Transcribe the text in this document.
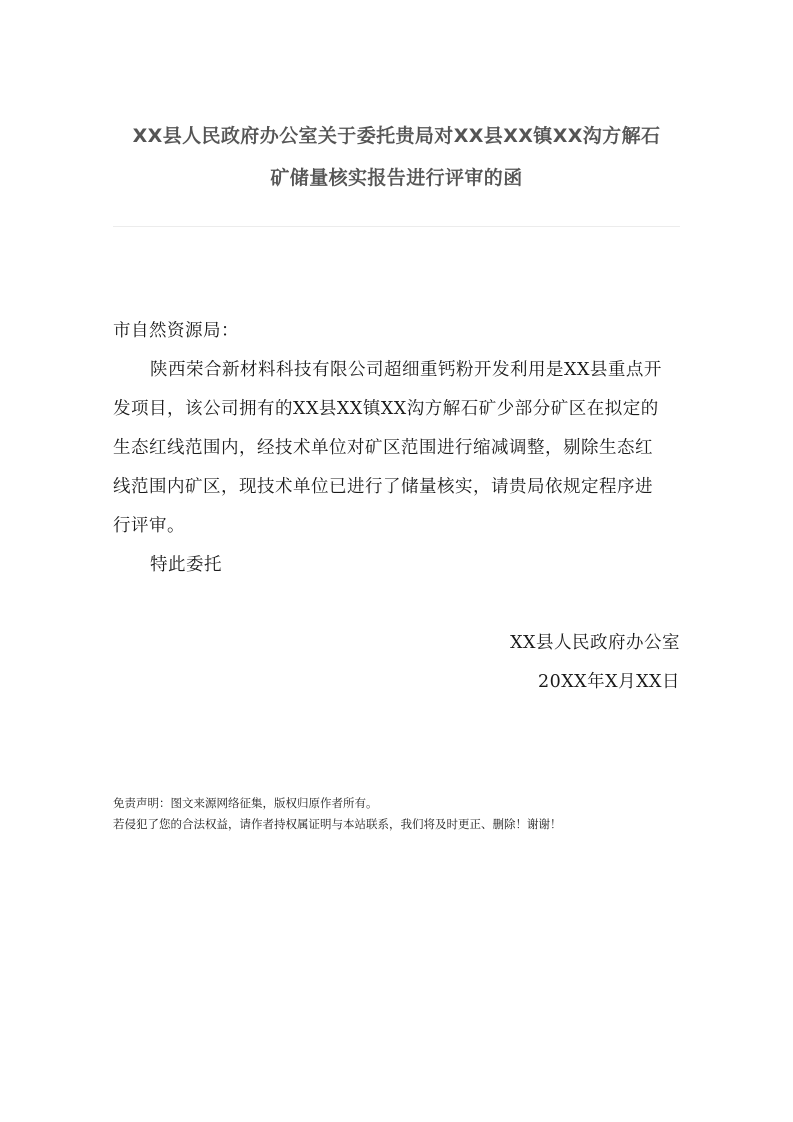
XX县人民政府办公室关于委托贵局对XX县XX镇XX沟方解石
矿储量核实报告进行评审的函
市自然资源局：
陕西荣合新材料科技有限公司超细重钙粉开发利用是XX县重点开
发项目，该公司拥有的XX县XX镇XX沟方解石矿少部分矿区在拟定的
生态红线范围内，经技术单位对矿区范围进行缩减调整，剔除生态红
线范围内矿区，现技术单位已进行了储量核实，请贵局依规定程序进
行评审。
特此委托
XX县人民政府办公室
20XX年X月XX日
免责声明：图文来源网络征集，版权归原作者所有。
若侵犯了您的合法权益，请作者持权属证明与本站联系，我们将及时更正、删除！谢谢！
